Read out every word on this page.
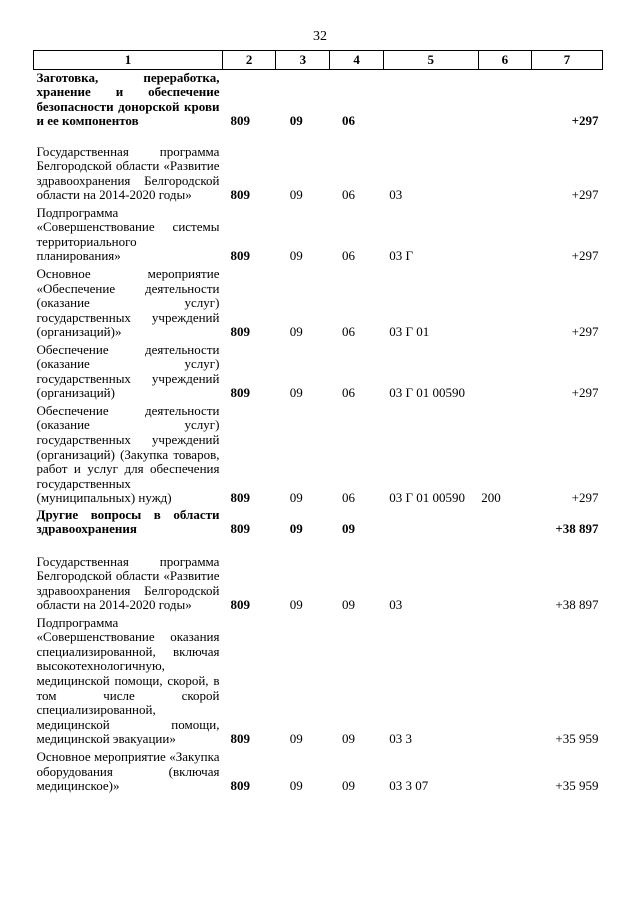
32
1	2	3	4	5	6	7
Заготовка, переработка, хранение и обеспечение безопасности донорской крови и ее компонентов	809	09	06			+297
Государственная программа Белгородской области «Развитие здравоохранения Белгородской области на 2014-2020 годы»	809	09	06	03		+297
Подпрограмма «Совершенствование системы территориального планирования»	809	09	06	03 Г		+297
Основное мероприятие «Обеспечение деятельности (оказание услуг) государственных учреждений (организаций)»	809	09	06	03 Г 01		+297
Обеспечение деятельности (оказание услуг) государственных учреждений (организаций)	809	09	06	03 Г 01 00590		+297
Обеспечение деятельности (оказание услуг) государственных учреждений (организаций) (Закупка товаров, работ и услуг для обеспечения государственных (муниципальных) нужд)	809	09	06	03 Г 01 00590	200	+297
Другие вопросы в области здравоохранения	809	09	09			+38 897
Государственная программа Белгородской области «Развитие здравоохранения Белгородской области на 2014-2020 годы»	809	09	09	03		+38 897
Подпрограмма «Совершенствование оказания специализированной, включая высокотехнологичную, медицинской помощи, скорой, в том числе скорой специализированной, медицинской помощи, медицинской эвакуации»	809	09	09	03 3		+35 959
Основное мероприятие «Закупка оборудования (включая медицинское)»	809	09	09	03 3 07		+35 959
